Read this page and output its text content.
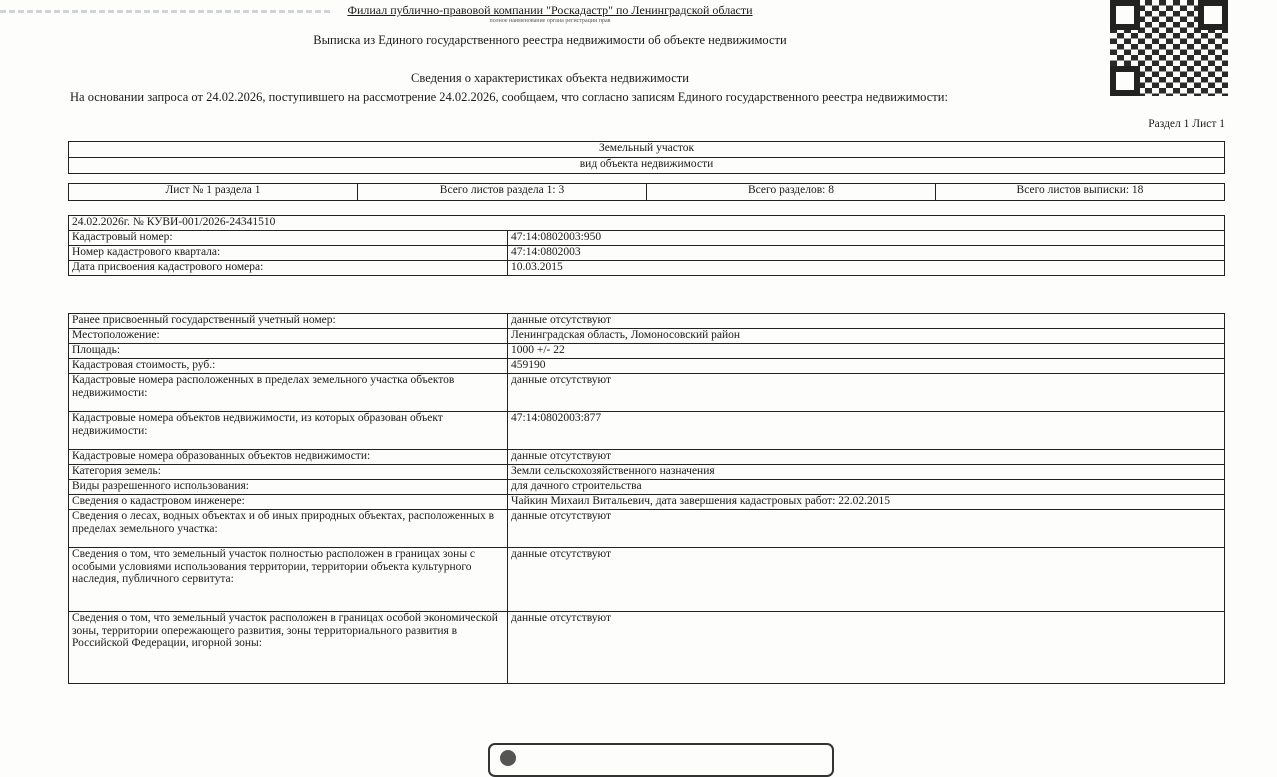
Филиал публично-правовой компании "Роскадастр" по Ленинградской области
полное наименование органа регистрации прав
Выписка из Единого государственного реестра недвижимости об объекте недвижимости
Сведения о характеристиках объекта недвижимости
На основании запроса от 24.02.2026, поступившего на рассмотрение 24.02.2026, сообщаем, что согласно записям Единого государственного реестра недвижимости:
Раздел 1 Лист 1
Земельный участок
вид объекта недвижимости
Лист № 1 раздела 1	Всего листов раздела 1: 3	Всего разделов: 8	Всего листов выписки: 18
24.02.2026г. № КУВИ-001/2026-24341510	
Кадастровый номер:	47:14:0802003:950
Номер кадастрового квартала:	47:14:0802003
Дата присвоения кадастрового номера:	10.03.2015
Ранее присвоенный государственный учетный номер:	данные отсутствуют
Местоположение:	Ленинградская область, Ломоносовский район
Площадь:	1000 +/- 22
Кадастровая стоимость, руб.:	459190
Кадастровые номера расположенных в пределах земельного участка объектов недвижимости:	данные отсутствуют
Кадастровые номера объектов недвижимости, из которых образован объект недвижимости:	47:14:0802003:877
Кадастровые номера образованных объектов недвижимости:	данные отсутствуют
Категория земель:	Земли сельскохозяйственного назначения
Виды разрешенного использования:	для дачного строительства
Сведения о кадастровом инженере:	Чайкин Михаил Витальевич, дата завершения кадастровых работ: 22.02.2015
Сведения о лесах, водных объектах и об иных природных объектах, расположенных в пределах земельного участка:	данные отсутствуют
Сведения о том, что земельный участок полностью расположен в границах зоны с особыми условиями использования территории, территории объекта культурного наследия, публичного сервитута:	данные отсутствуют
Сведения о том, что земельный участок расположен в границах особой экономической зоны, территории опережающего развития, зоны территориального развития в Российской Федерации, игорной зоны:	данные отсутствуют
